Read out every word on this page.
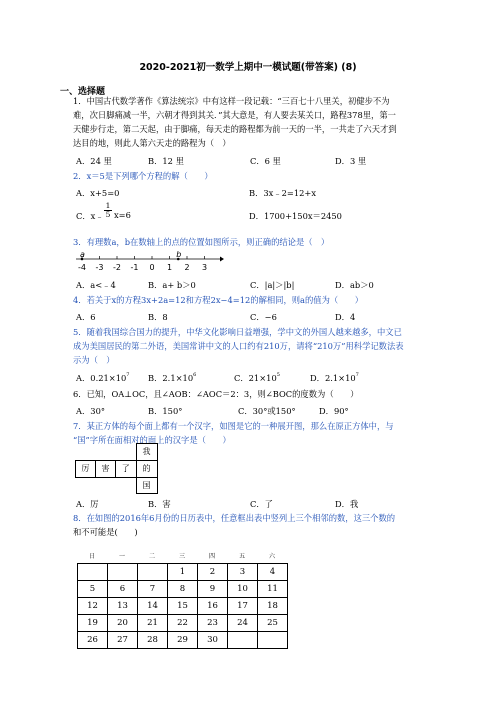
2020-2021初一数学上期中一模试题(带答案) (8)
一、选择题
1．中国古代数学著作《算法统宗》中有这样一段记载：“三百七十八里关，初健步不为
难，次日脚痛减一半，六朝才得到其关．”其大意是，有人要去某关口，路程378里，第一
天健步行走，第二天起，由于脚痛，每天走的路程都为前一天的一半，一共走了六天才到
达目的地，则此人第六天走的路程为（　）
A．24 里	B．12 里	C．6 里	D．3 里
2．x＝5是下列哪个方程的解（　　）
A．x+5=0	B．3x﹣2=12+x
C．x﹣ $\frac{1}{5} x=6$	D．1700+150x＝2450
3．有理数a，b在数轴上的点的位置如图所示，则正确的结论是（　）
-4 -3 -2 -1 0 1 2 3
a	b
A．a<﹣4	B．a+ b＞0	C．|a|＞|b|	D．ab＞0
4．若关于x的方程3x+2a=12和方程2x−4=12的解相同，则a的值为（　　）
A．6	B．8	C．−6	D．4
5．随着我国综合国力的提升，中华文化影响日益增强，学中文的外国人越来越多，中文已
成为美国居民的第二外语，美国常讲中文的人口约有210万，请将“210万”用科学记数法表
示为（　）
A．$0.21\times 10^7$ B．$2.1\times 10^6$	C．$21\times 10^5$	D．$2.1\times 10^7$
6．已知，OA⊥OC，且∠AOB：∠AOC＝2：3，则∠BOC的度数为（　　）
A．30°	B．150°	C．30°或150°	D．90°
7．某正方体的每个面上都有一个汉字，如图是它的一种展开图，那么在原正方体中，与
“国”字所在面相对的面上的汉字是（　　）
			我
厉	害	了	的
			国
A．厉	B．害	C．了	D．我
8．在如图的2016年6月份的日历表中，任意框出表中竖列上三个相邻的数，这三个数的
和不可能是(　　)
日	一	二	三	四	五	六
			1	2	3	4
5	6	7	8	9	10	11
12	13	14	15	16	17	18
19	20	21	22	23	24	25
26	27	28	29	30		
